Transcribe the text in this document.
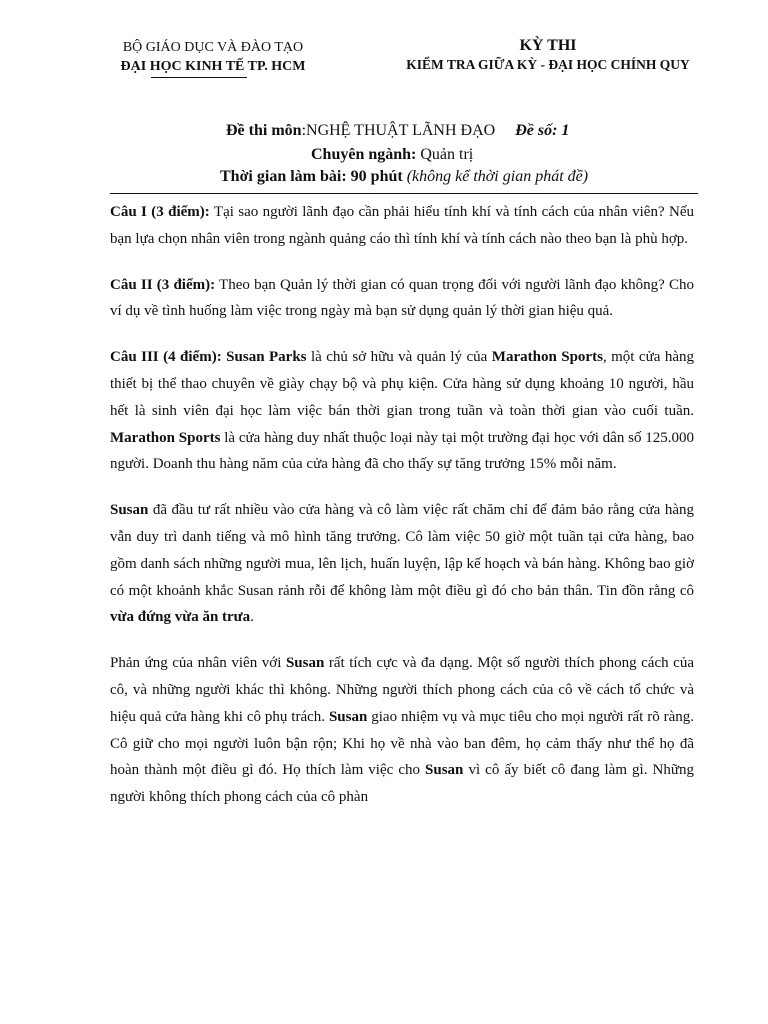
BỘ GIÁO DỤC VÀ ĐÀO TẠO
ĐẠI HỌC KINH TẾ TP. HCM
KỲ THI
KIỂM TRA GIỮA KỲ - ĐẠI HỌC CHÍNH QUY
Đề thi môn:NGHỆ THUẬT LÃNH ĐẠO Đề số: 1
Chuyên ngành: Quản trị
Thời gian làm bài: 90 phút (không kể thời gian phát đề)

Câu I (3 điểm): Tại sao người lãnh đạo cần phải hiểu tính khí và tính cách của nhân viên? Nếu bạn lựa chọn nhân viên trong ngành quảng cáo thì tính khí và tính cách nào theo bạn là phù hợp.

Câu II (3 điểm): Theo bạn Quản lý thời gian có quan trọng đối với người lãnh đạo không? Cho ví dụ về tình huống làm việc trong ngày mà bạn sử dụng quản lý thời gian hiệu quả.

Câu III (4 điểm): Susan Parks là chủ sở hữu và quản lý của Marathon Sports, một cửa hàng thiết bị thể thao chuyên về giày chạy bộ và phụ kiện. Cửa hàng sử dụng khoảng 10 người, hầu hết là sinh viên đại học làm việc bán thời gian trong tuần và toàn thời gian vào cuối tuần. Marathon Sports là cửa hàng duy nhất thuộc loại này tại một trường đại học với dân số 125.000 người. Doanh thu hàng năm của cửa hàng đã cho thấy sự tăng trưởng 15% mỗi năm.

Susan đã đầu tư rất nhiều vào cửa hàng và cô làm việc rất chăm chỉ để đảm bảo rằng cửa hàng vẫn duy trì danh tiếng và mô hình tăng trưởng. Cô làm việc 50 giờ một tuần tại cửa hàng, bao gồm danh sách những người mua, lên lịch, huấn luyện, lập kế hoạch và bán hàng. Không bao giờ có một khoảnh khắc Susan rảnh rỗi để không làm một điều gì đó cho bản thân. Tin đồn rằng cô vừa đứng vừa ăn trưa.

Phản ứng của nhân viên với Susan rất tích cực và đa dạng. Một số người thích phong cách của cô, và những người khác thì không. Những người thích phong cách của cô về cách tổ chức và hiệu quả cửa hàng khi cô phụ trách. Susan giao nhiệm vụ và mục tiêu cho mọi người rất rõ ràng. Cô giữ cho mọi người luôn bận rộn; Khi họ về nhà vào ban đêm, họ cảm thấy như thể họ đã hoàn thành một điều gì đó. Họ thích làm việc cho Susan vì cô ấy biết cô đang làm gì. Những người không thích phong cách của cô phàn
